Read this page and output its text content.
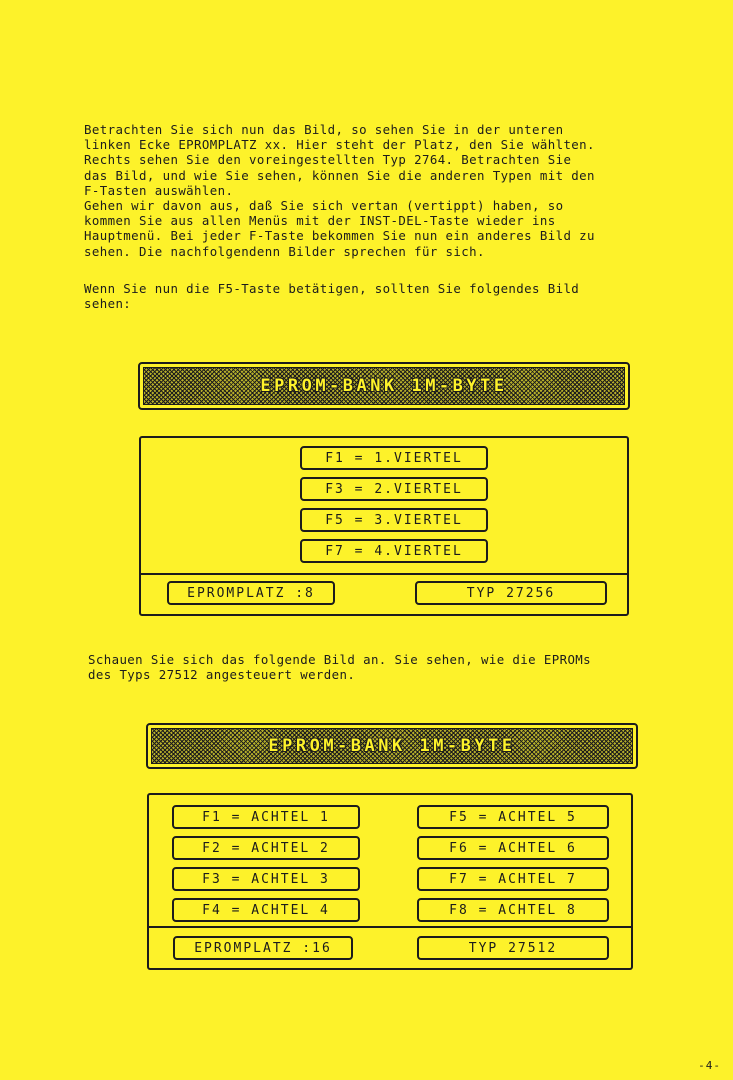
Betrachten Sie sich nun das Bild, so sehen Sie in der unteren
linken Ecke EPROMPLATZ xx. Hier steht der Platz, den Sie wählten.
Rechts sehen Sie den voreingestellten Typ 2764. Betrachten Sie
das Bild, und wie Sie sehen, können Sie die anderen Typen mit den
F-Tasten auswählen.
Gehen wir davon aus, daß Sie sich vertan (vertippt) haben, so
kommen Sie aus allen Menüs mit der INST-DEL-Taste wieder ins
Hauptmenü. Bei jeder F-Taste bekommen Sie nun ein anderes Bild zu
sehen. Die nachfolgendenn Bilder sprechen für sich.
Wenn Sie nun die F5-Taste betätigen, sollten Sie folgendes Bild
sehen:
EPROM-BANK 1M-BYTE
F1 = 1.VIERTEL
F3 = 2.VIERTEL
F5 = 3.VIERTEL
F7 = 4.VIERTEL
EPROMPLATZ :8	TYP 27256
Schauen Sie sich das folgende Bild an. Sie sehen, wie die EPROMs
des Typs 27512 angesteuert werden.
EPROM-BANK 1M-BYTE
F1 = ACHTEL 1
F2 = ACHTEL 2
F3 = ACHTEL 3
F4 = ACHTEL 4
F5 = ACHTEL 5
F6 = ACHTEL 6
F7 = ACHTEL 7
F8 = ACHTEL 8
EPROMPLATZ :16	TYP 27512
-4-
